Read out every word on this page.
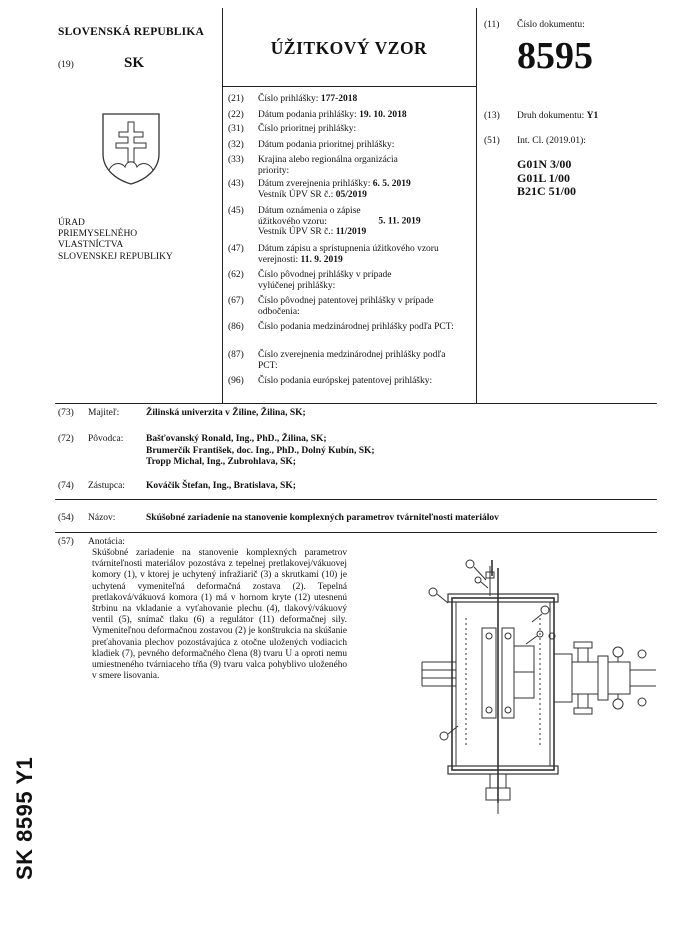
SLOVENSKÁ REPUBLIKA
(19)	SK
ÚRAD
PRIEMYSELNÉHO
VLASTNÍCTVA
SLOVENSKEJ REPUBLIKY
ÚŽITKOVÝ VZOR
(21)	Číslo prihlášky: 177-2018
(22)	Dátum podania prihlášky: 19. 10. 2018
(31)	Číslo prioritnej prihlášky:
(32)	Dátum podania prioritnej prihlášky:
(33)	Krajina alebo regionálna organizácia priority:
(43)	Dátum zverejnenia prihlášky: 6. 5. 2019
Vestník ÚPV SR č.: 05/2019
(45)	Dátum oznámenia o zápise úžitkového vzoru:	5. 11. 2019
Vestník ÚPV SR č.: 11/2019
(47)	Dátum zápisu a sprístupnenia úžitkového vzoru verejnosti: 11. 9. 2019
(62)	Číslo pôvodnej prihlášky v prípade vylúčenej prihlášky:
(67)	Číslo pôvodnej patentovej prihlášky v prípade odbočenia:
(86)	Číslo podania medzinárodnej prihlášky podľa PCT:
(87)	Číslo zverejnenia medzinárodnej prihlášky podľa PCT:
(96)	Číslo podania európskej patentovej prihlášky:
(11) Číslo dokumentu:
8595
(13) Druh dokumentu: Y1
(51) Int. Cl. (2019.01):
G01N 3/00
G01L 1/00
B21C 51/00
(73) Majiteľ:	Žilinská univerzita v Žiline, Žilina, SK;
(72) Pôvodca: Bašťovanský Ronald, Ing., PhD., Žilina, SK;
Brumerčík František, doc. Ing., PhD., Dolný Kubín, SK;
Tropp Michal, Ing., Zubrohlava, SK;
(74) Zástupca: Kováčik Štefan, Ing., Bratislava, SK;
(54) Názov:	Skúšobné zariadenie na stanovenie komplexných parametrov tvárniteľnosti materiálov
(57) Anotácia:
Skúšobné zariadenie na stanovenie komplexných parametrov tvárniteľnosti materiálov pozostáva z tepelnej pretlakovej/vákuovej komory (1), v ktorej je uchytený infražiarič (3) a skrutkami (10) je uchytená vymeniteľná deformačná zostava (2). Tepelná pretlaková/vákuová komora (1) má v hornom kryte (12) utesnenú štrbinu na vkladanie a vyťahovanie plechu (4), tlakový/vákuový ventil (5), snímač tlaku (6) a regulátor (11) deformačnej sily. Vymeniteľnou deformačnou zostavou (2) je konštrukcia na skúšanie preťahovania plechov pozostávajúca z otočne uložených vodiacich kladiek (7), pevného deformačného člena (8) tvaru U a oproti nemu umiestneného tvárniaceho tŕňa (9) tvaru valca pohyblivo uloženého v smere lisovania.
SK 8595 Y1
